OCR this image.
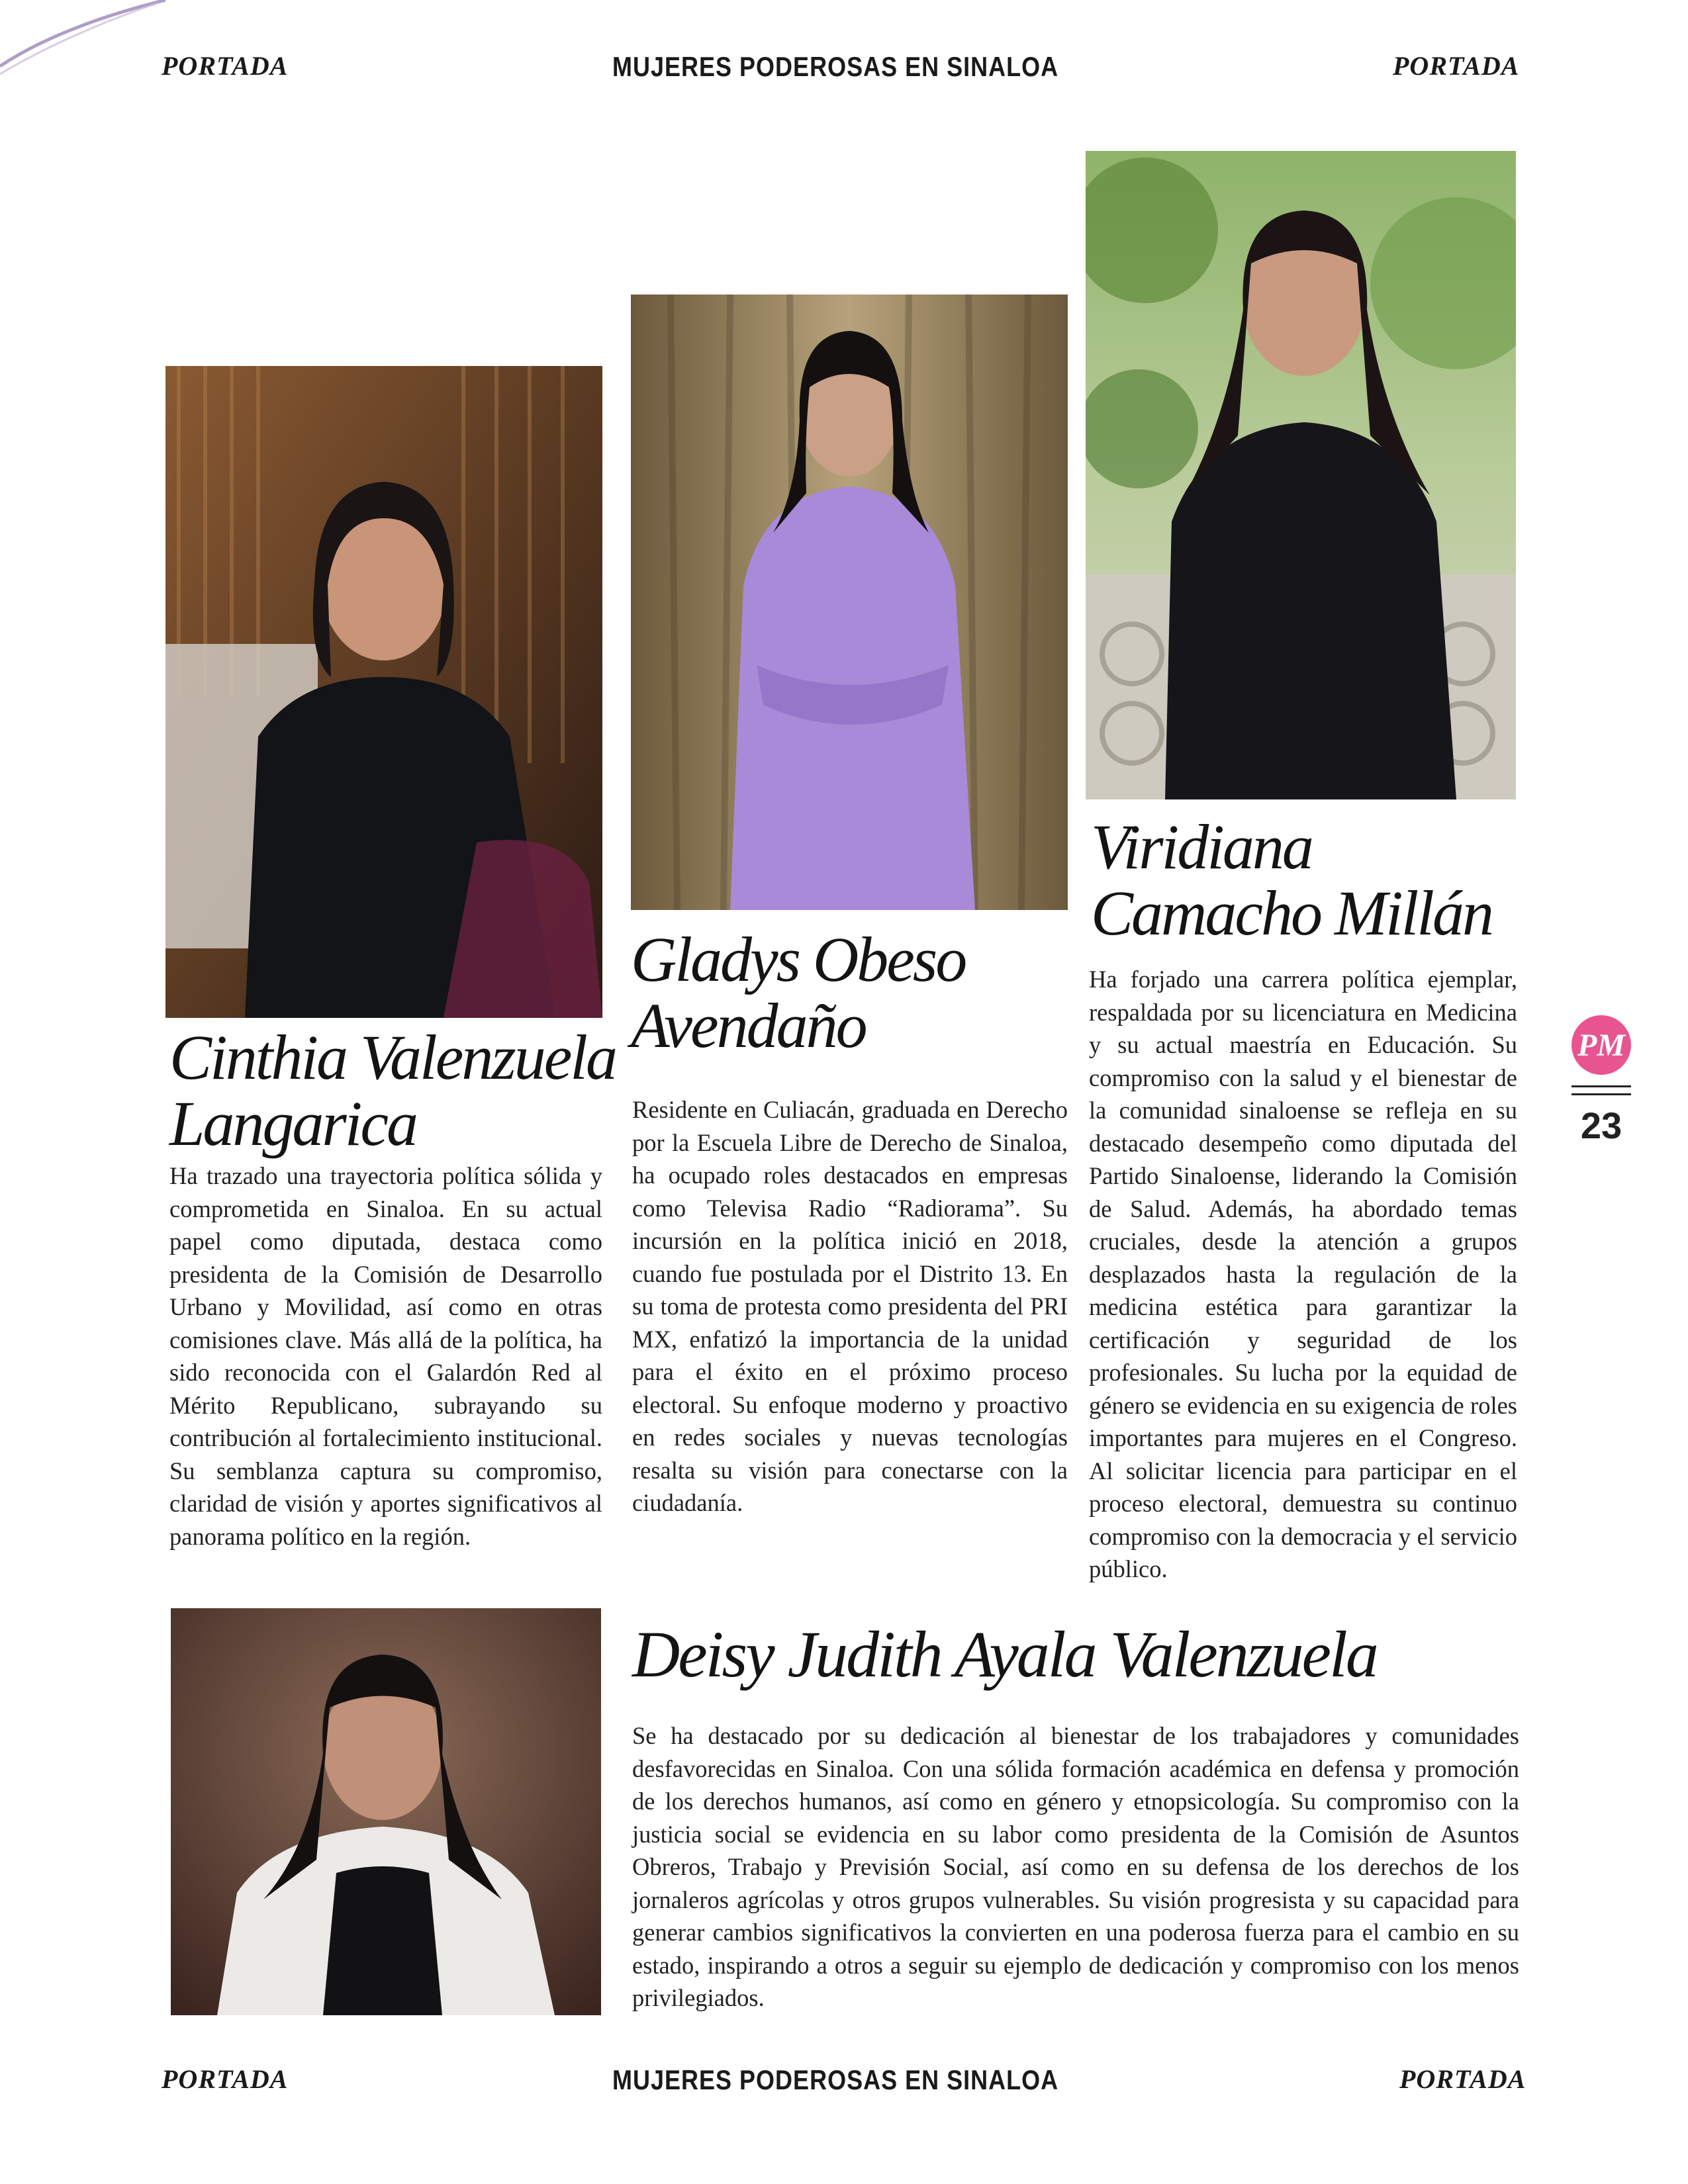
PORTADA	MUJERES PODEROSAS EN SINALOA	PORTADA
Cinthia Valenzuela
Langarica

Ha trazado una trayectoria política sólida y comprometida en Sinaloa. En su actual papel como diputada, destaca como presidenta de la Comisión de Desarrollo Urbano y Movilidad, así como en otras comisiones clave. Más allá de la política, ha sido reconocida con el Galardón Red al Mérito Republicano, subrayando su contribución al fortalecimiento institucional. Su semblanza captura su compromiso, claridad de visión y aportes significativos al panorama político en la región.

Gladys Obeso
Avendaño

Residente en Culiacán, graduada en Derecho por la Escuela Libre de Derecho de Sinaloa, ha ocupado roles destacados en empresas como Televisa Radio “Radiorama”. Su incursión en la política inició en 2018, cuando fue postulada por el Distrito 13. En su toma de protesta como presidenta del PRI MX, enfatizó la importancia de la unidad para el éxito en el próximo proceso electoral. Su enfoque moderno y proactivo en redes sociales y nuevas tecnologías resalta su visión para conectarse con la ciudadanía.

Viridiana
Camacho Millán

Ha forjado una carrera política ejemplar, respaldada por su licenciatura en Medicina y su actual maestría en Educación. Su compromiso con la salud y el bienestar de la comunidad sinaloense se refleja en su destacado desempeño como diputada del Partido Sinaloense, liderando la Comisión de Salud. Además, ha abordado temas cruciales, desde la atención a grupos desplazados hasta la regulación de la medicina estética para garantizar la certificación y seguridad de los profesionales. Su lucha por la equidad de género se evidencia en su exigencia de roles importantes para mujeres en el Congreso. Al solicitar licencia para participar en el proceso electoral, demuestra su continuo compromiso con la democracia y el servicio público.

Deisy Judith Ayala Valenzuela

Se ha destacado por su dedicación al bienestar de los trabajadores y comunidades desfavorecidas en Sinaloa. Con una sólida formación académica en defensa y promoción de los derechos humanos, así como en género y etnopsicología. Su compromiso con la justicia social se evidencia en su labor como presidenta de la Comisión de Asuntos Obreros, Trabajo y Previsión Social, así como en su defensa de los derechos de los jornaleros agrícolas y otros grupos vulnerables. Su visión progresista y su capacidad para generar cambios significativos la convierten en una poderosa fuerza para el cambio en su estado, inspirando a otros a seguir su ejemplo de dedicación y compromiso con los menos privilegiados.

PM
23
PORTADA	MUJERES PODEROSAS EN SINALOA	PORTADA
